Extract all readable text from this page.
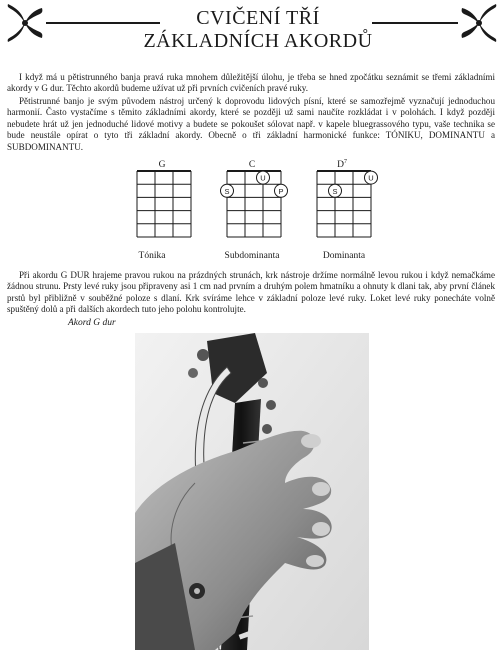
CVIČENÍ TŘÍ
ZÁKLADNÍCH AKORDŮ

I když má u pětistrunného banja pravá ruka mnohem důležitější úlohu, je třeba se hned zpočátku seznámit se třemi základními akordy v G dur. Těchto akordů budeme užívat už při prvních cvičeních pravé ruky.

Pětistrunné banjo je svým původem nástroj určený k doprovodu lidových písní, které se samozřejmě vyznačují jednoduchou harmonií. Často vystačíme s těmito základními akordy, které se později už sami naučíte rozkládat i v polohách. I když později nebudete hrát už jen jednoduché lidové motivy a budete se pokoušet sólovat např. v kapele bluegrassového typu, vaše technika se bude neustále opírat o tyto tři základní akordy. Obecně o tři základní harmonické funkce: TÓNIKU, DOMINANTU a SUBDOMINANTU.

G	C	$D^7$
S
U
P	S
U
Tónika	Subdominanta	Dominanta

Při akordu G DUR hrajeme pravou rukou na prázdných strunách, krk nástroje držíme normálně levou rukou i když nemačkáme žádnou strunu. Prsty levé ruky jsou připraveny asi 1 cm nad prvním a druhým polem hmatníku a ohnuty k dlani tak, aby první článek prstů byl přibližně v souběžné poloze s dlaní. Krk svíráme lehce v základní poloze levé ruky. Loket levé ruky ponecháte volně spuštěný dolů a při dalších akordech tuto jeho polohu kontrolujte.

Akord G dur
